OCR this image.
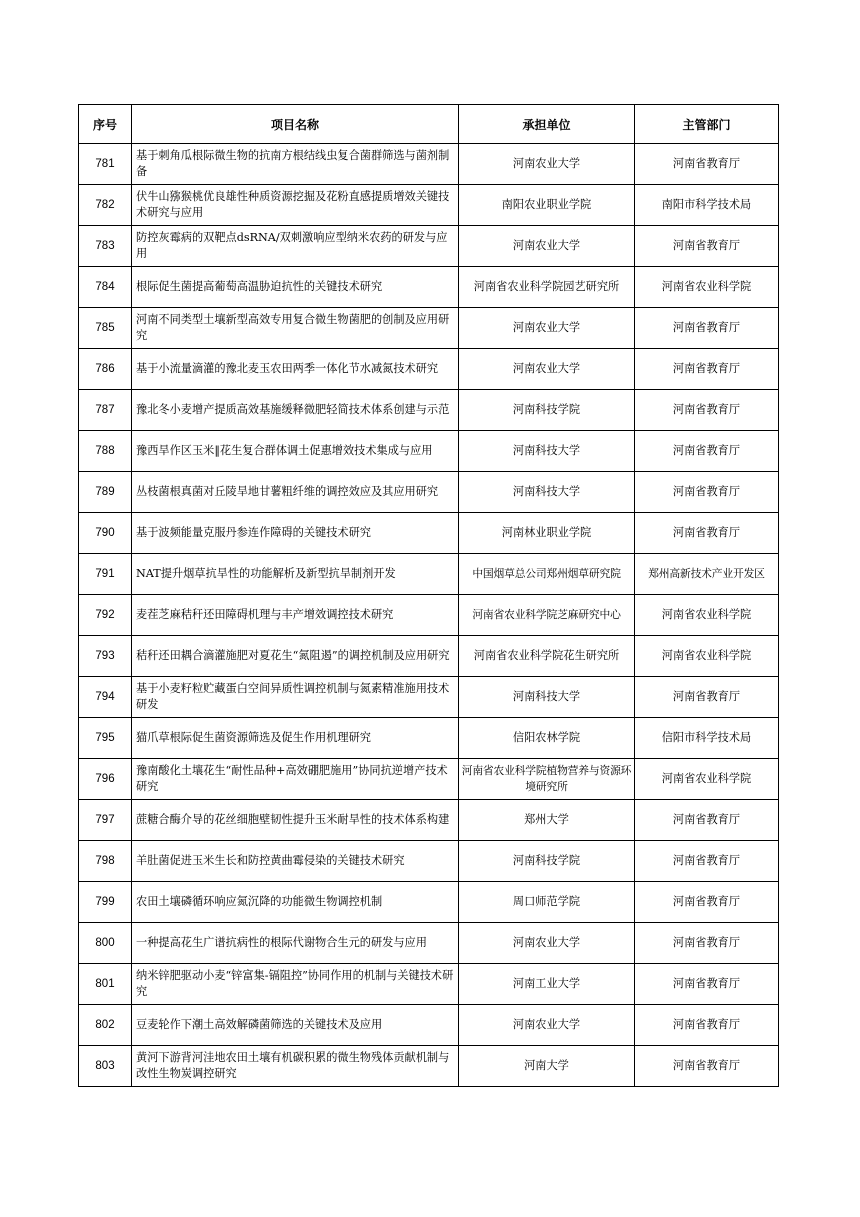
序号	项目名称	承担单位	主管部门
781	基于刺角瓜根际微生物的抗南方根结线虫复合菌群筛选与菌剂制备	河南农业大学	河南省教育厅
782	伏牛山猕猴桃优良雄性种质资源挖掘及花粉直感提质增效关键技术研究与应用	南阳农业职业学院	南阳市科学技术局
783	防控灰霉病的双靶点dsRNA/双刺激响应型纳米农药的研发与应用	河南农业大学	河南省教育厅
784	根际促生菌提高葡萄高温胁迫抗性的关键技术研究	河南省农业科学院园艺研究所	河南省农业科学院
785	河南不同类型土壤新型高效专用复合微生物菌肥的创制及应用研究	河南农业大学	河南省教育厅
786	基于小流量滴灌的豫北麦玉农田两季一体化节水减氮技术研究	河南农业大学	河南省教育厅
787	豫北冬小麦增产提质高效基施缓释微肥轻简技术体系创建与示范	河南科技学院	河南省教育厅
788	豫西旱作区玉米‖花生复合群体调土促惠增效技术集成与应用	河南科技大学	河南省教育厅
789	丛枝菌根真菌对丘陵旱地甘薯粗纤维的调控效应及其应用研究	河南科技大学	河南省教育厅
790	基于波频能量克服丹参连作障碍的关键技术研究	河南林业职业学院	河南省教育厅
791	NAT提升烟草抗旱性的功能解析及新型抗旱制剂开发	中国烟草总公司郑州烟草研究院	郑州高新技术产业开发区
792	麦茬芝麻秸秆还田障碍机理与丰产增效调控技术研究	河南省农业科学院芝麻研究中心	河南省农业科学院
793	秸秆还田耦合滴灌施肥对夏花生“氮阻遏”的调控机制及应用研究	河南省农业科学院花生研究所	河南省农业科学院
794	基于小麦籽粒贮藏蛋白空间异质性调控机制与氮素精准施用技术研发	河南科技大学	河南省教育厅
795	猫爪草根际促生菌资源筛选及促生作用机理研究	信阳农林学院	信阳市科学技术局
796	豫南酸化土壤花生“耐性品种+高效硼肥施用”协同抗逆增产技术研究	河南省农业科学院植物营养与资源环境研究所	河南省农业科学院
797	蔗糖合酶介导的花丝细胞壁韧性提升玉米耐旱性的技术体系构建	郑州大学	河南省教育厅
798	羊肚菌促进玉米生长和防控黄曲霉侵染的关键技术研究	河南科技学院	河南省教育厅
799	农田土壤磷循环响应氮沉降的功能微生物调控机制	周口师范学院	河南省教育厅
800	一种提高花生广谱抗病性的根际代谢物合生元的研发与应用	河南农业大学	河南省教育厅
801	纳米锌肥驱动小麦“锌富集-镉阻控”协同作用的机制与关键技术研究	河南工业大学	河南省教育厅
802	豆麦轮作下潮土高效解磷菌筛选的关键技术及应用	河南农业大学	河南省教育厅
803	黄河下游背河洼地农田土壤有机碳积累的微生物残体贡献机制与改性生物炭调控研究	河南大学	河南省教育厅
